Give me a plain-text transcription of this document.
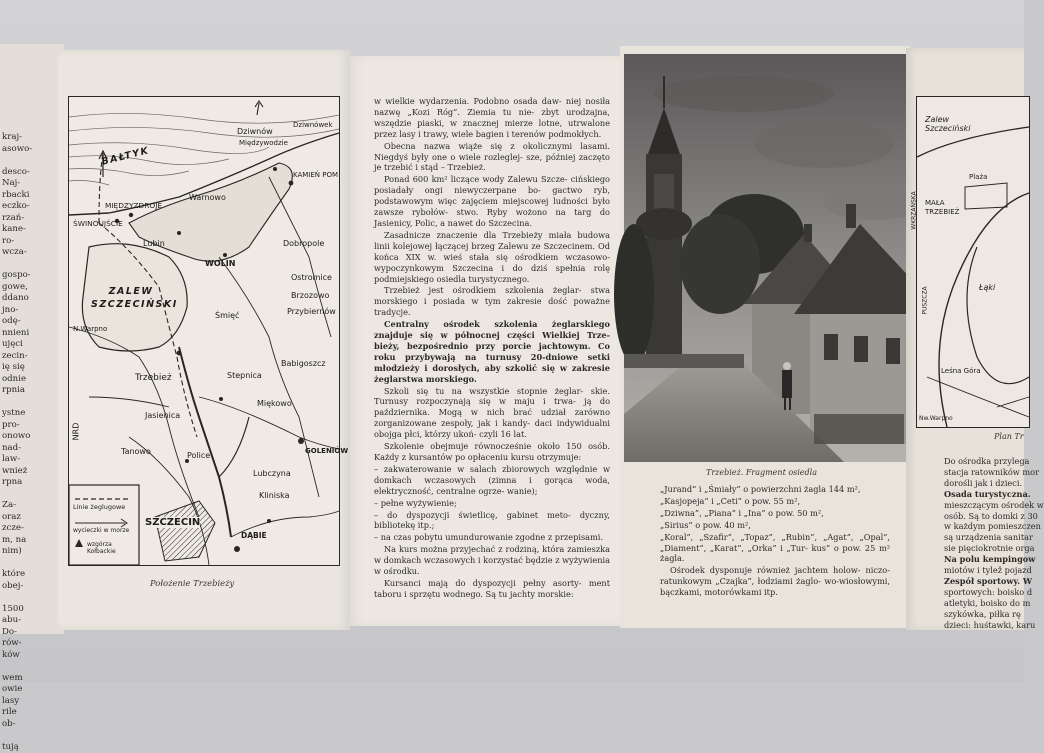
kraj-
asowo-

desco-
Naj-
rbacki
eczko-
rzań-
kane-
ro-
wcza-

gospo-
gowe,
ddano
jno-
odę-
nnieni
ujęci
zecin-
ię się
odnie
rpnia

ystne
pro-
onowo
nad-
law-
wnież
rpna

Za-
oraz
zcze-
m, na
nim)

które
obej-

1500
abu-
Do-
rów-
ków

wem
owie
lasy
rile
ob-

tują
BAŁTYK
MIĘDZYZDROJE
ŚWINOUJŚCIE
Dziwnów
Dziwnówek
Międzywodzie
KAMIEŃ POM
WOLIN
Lubin
Warnowo
Dobropole
Ostromice
Brzozowo
Przybiernów
ZALEW SZCZECIŃSKI
N.Warpno
Trzebież	Stepnica
Babigoszcz
Miękowo
Jasienica
Police
Tanowo	GOLENIÓW
Lubczyna
Kliniska
SZCZECIN
DĄBIE
Śmięć
Linie żeglugowe
wycieczki w morze
wzgórza Kołbackie
NRD
Położenie Trzebieży

w wielkie wydarzenia. Podobno osada daw- niej nosiła nazwę „Kozi Róg”. Ziemia tu nie- zbyt urodzajna, wszędzie piaski, w znacznej mierze lotne, utrwalone przez lasy i trawy, wiele bagien i terenów podmokłych.

Obecna nazwa wiąże się z okolicznymi lasami. Niegdyś były one o wiele rozleglej- sze, później zaczęto je trzebić i stąd – Trzebież.

Ponad 600 km² liczące wody Zalewu Szcze- cińskiego posiadały ongi niewyczerpane bo- gactwo ryb, podstawowym więc zajęciem miejscowej ludności było zawsze rybołów- stwo. Ryby wożono na targ do Jasienicy, Polic, a nawet do Szczecina.

Zasadnicze znaczenie dla Trzebieży miała budowa linii kolejowej łączącej brzeg Zalewu ze Szczecinem. Od końca XIX w. wieś stała się ośrodkiem wczasowo-wypoczynkowym Szczecina i do dziś spełnia rolę podmiejskiego osiedla turystycznego.

Trzebież jest ośrodkiem szkolenia żeglar- stwa morskiego i posiada w tym zakresie dość poważne tradycje.

Centralny ośrodek szkolenia żeglarskiego znajduje się w północnej części Wielkiej Trze- bieży, bezpośrednio przy porcie jachtowym. Co roku przybywają na turnusy 20-dniowe setki młodzieży i dorosłych, aby szkolić się w zakresie żeglarstwa morskiego.

Szkoli się tu na wszystkie stopnie żeglar- skie. Turnusy rozpoczynają się w maju i trwa- ją do października. Mogą w nich brać udział zarówno zorganizowane zespoły, jak i kandy- daci indywidualni obojga płci, którzy ukoń- czyli 16 lat.

Szkolenie obejmuje równocześnie około 150 osób. Każdy z kursantów po opłaceniu kursu otrzymuje:

– zakwaterowanie w salach zbiorowych względnie w domkach wczasowych (zimna i gorąca woda, elektryczność, centralne ogrze- wanie);

– pełne wyżywienie;

– do dyspozycji świetlicę, gabinet meto- dyczny, bibliotekę itp.;

– na czas pobytu umundurowanie zgodne z przepisami.

Na kurs można przyjechać z rodziną, która zamieszka w domkach wczasowych i korzystać będzie z wyżywienia w ośrodku.

Kursanci mają do dyspozycji pełny asorty- ment taboru i sprzętu wodnego. Są tu jachty morskie:

Trzebież. Fragment osiedla

„Jurand” i „Śmiały” o powierzchni żagla 144 m²,

„Kasjopeja” i „Ceti” o pow. 55 m²,

„Dziwna”, „Piana” i „Ina” o pow. 50 m²,

„Sirius” o pow. 40 m²,

„Koral”, „Szafir”, „Topaz”, „Rubin”, „Agat”, „Opal”, „Diament”, „Karat”, „Orka” i „Tur- kus” o pow. 25 m² żagla.

Ośrodek dysponuje również jachtem holow- niczo-ratunkowym „Czajka”, łodziami żaglo- wo-wiosłowymi, bączkami, motorówkami itp.

Zalew Szczeciński
MAŁA TRZEBIEŻ
Plaża
Łąki
Leśna Góra
WKRZAŃSKA
PUSZCZA
Nw.Warpno
Plan Tr
Do ośrodka przylega
stacja ratowników mor
dorośli jak i dzieci.
Osada turystyczna.
mieszczącym ośrodek w
osób. Są to domki z 30
w każdym pomieszczen
są urządzenia sanitar
sie pięciokrotnie orga
Na polu kempingow
miotów i tylež pojazd
Zespół sportowy. W
sportowych: boisko d
atletyki, boisko do m
szykówka, piłka rę
dzieci: huśtawki, karu
